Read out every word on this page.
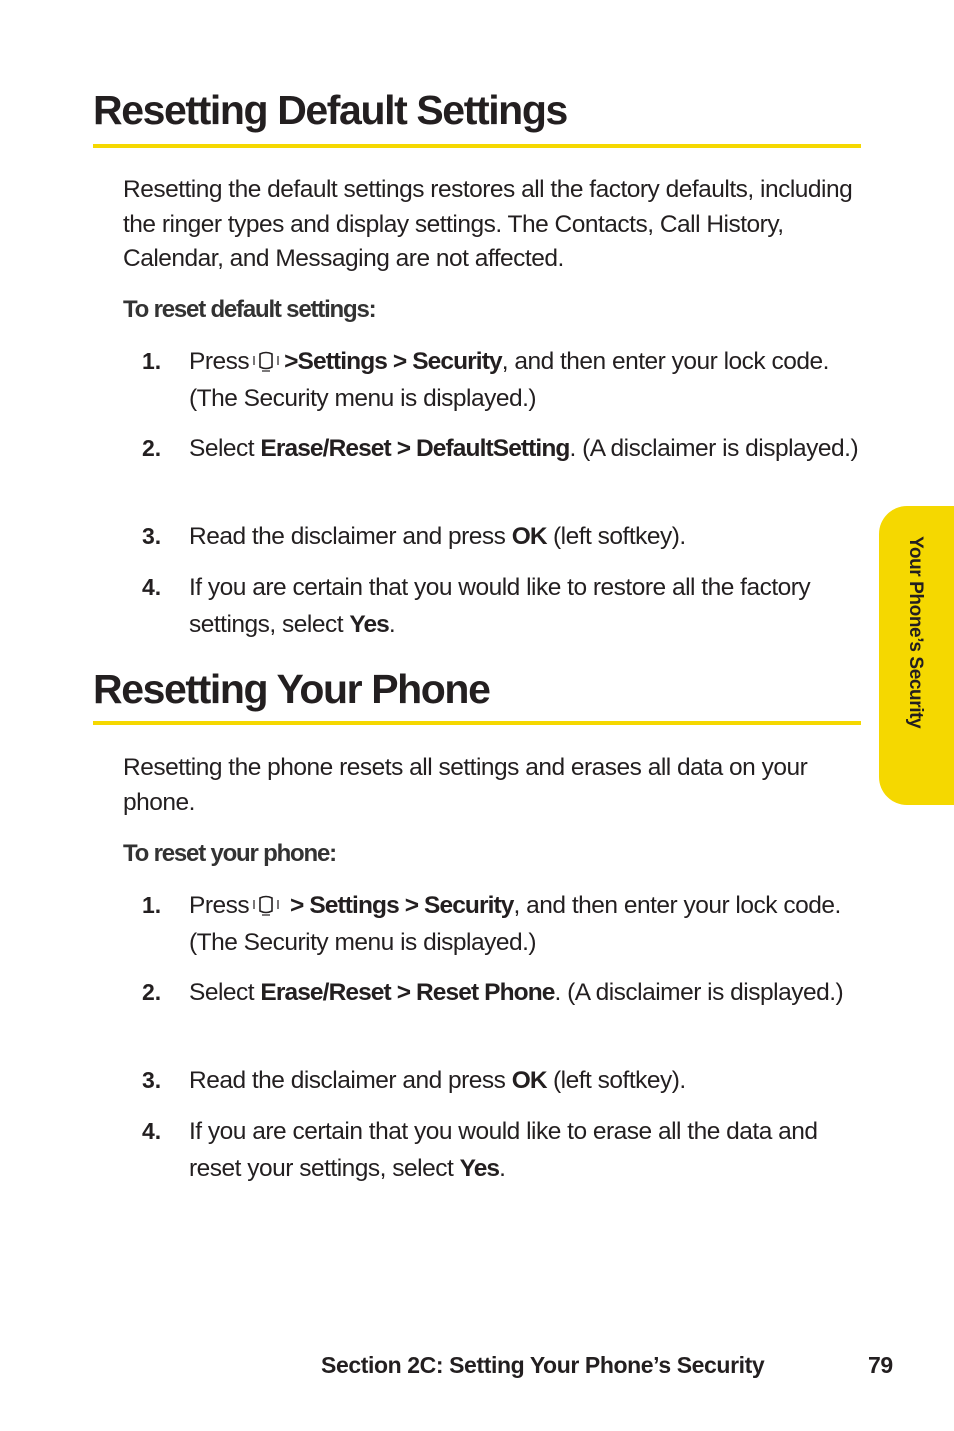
Resetting Default Settings
Resetting the default settings restores all the factory defaults, including the ringer types and display settings. The Contacts, Call History, Calendar, and Messaging are not affected.
To reset default settings:
1. Press >Settings > Security, and then enter your lock code. (The Security menu is displayed.)
2. Select Erase/Reset > DefaultSetting. (A disclaimer is displayed.)
3. Read the disclaimer and press OK (left softkey).
4. If you are certain that you would like to restore all the factory settings, select Yes.
Resetting Your Phone
Resetting the phone resets all settings and erases all data on your phone.
To reset your phone:
1. Press > Settings > Security, and then enter your lock code. (The Security menu is displayed.)
2. Select Erase/Reset > Reset Phone. (A disclaimer is displayed.)
3. Read the disclaimer and press OK (left softkey).
4. If you are certain that you would like to erase all the data and reset your settings, select Yes.
Your Phone’s Security
Section 2C: Setting Your Phone’s Security	79
